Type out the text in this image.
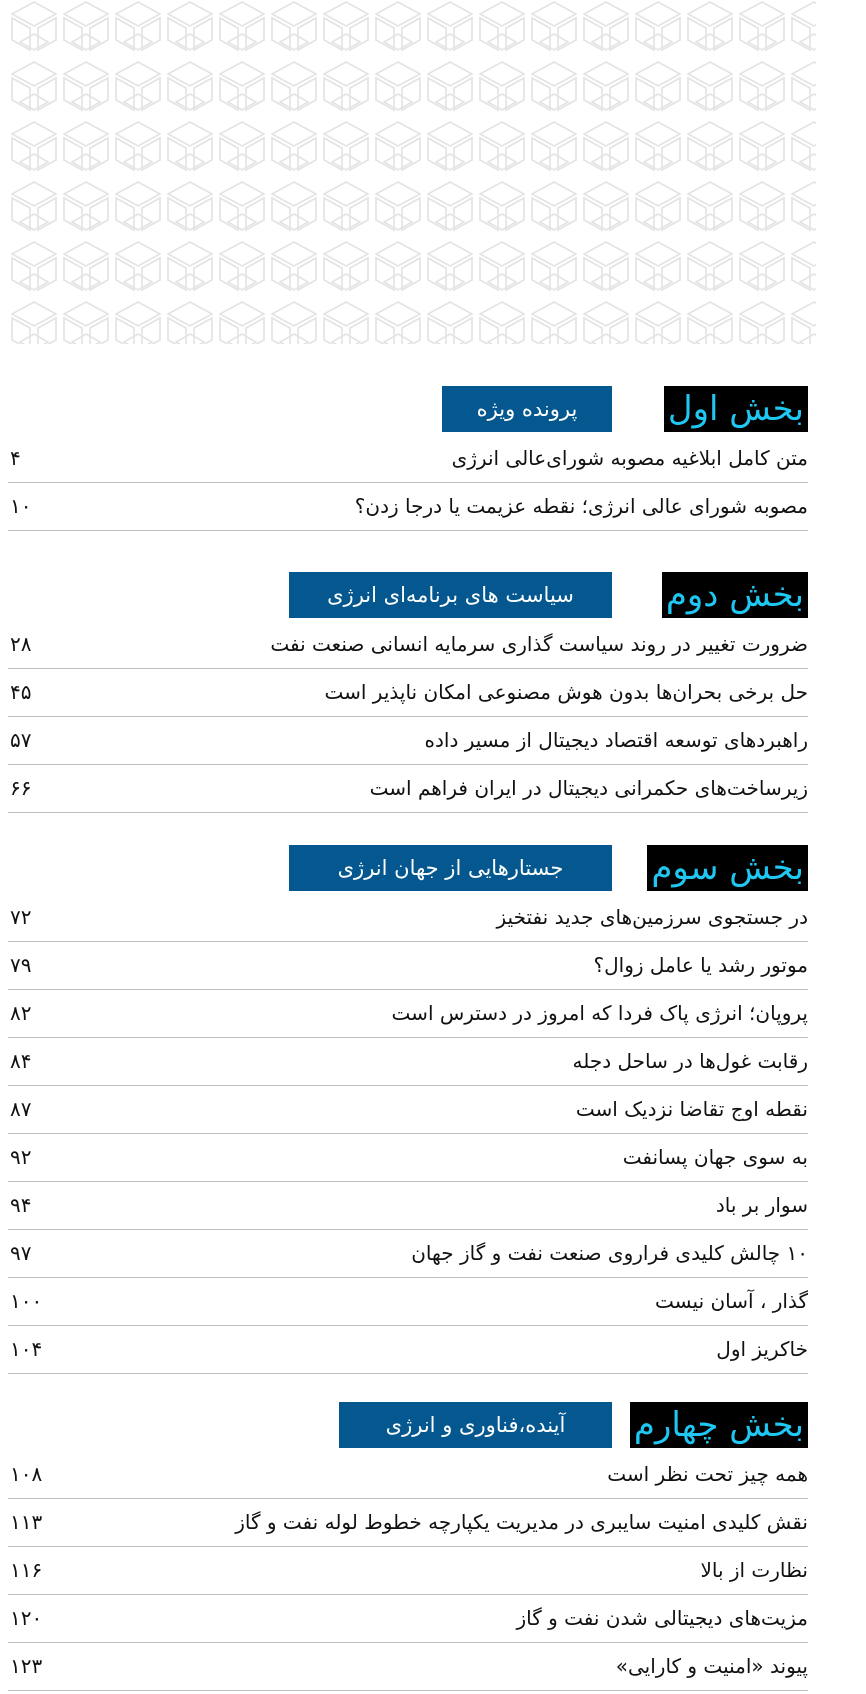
بخش اول
پرونده ویژه
متن کامل ابلاغیه مصوبه شورای‌عالی انرژی
۴
مصوبه شورای عالی انرژی؛ نقطه عزیمت یا درجا زدن؟
۱۰
بخش دوم
سیاست های برنامه‌ای انرژی
ضرورت تغییر در روند سیاست گذاری سرمایه انسانی صنعت نفت
۲۸
حل برخی بحران‌ها بدون هوش مصنوعی امکان ناپذیر است
۴۵
راهبردهای توسعه اقتصاد دیجیتال از مسیر داده
۵۷
زیرساخت‌های حکمرانی دیجیتال در ایران فراهم است
۶۶
بخش سوم
جستارهایی از جهان انرژی
در جستجوی سرزمین‌های جدید نفتخیز
۷۲
موتور رشد یا عامل زوال؟
۷۹
پروپان؛ انرژی پاک فردا که امروز در دسترس است
۸۲
رقابت غول‌ها در ساحل دجله
۸۴
نقطه اوج تقاضا نزدیک است
۸۷
به سوی جهان پسانفت
۹۲
سوار بر باد
۹۴
۱۰ چالش کلیدی فراروی صنعت نفت و گاز جهان
۹۷
گذار ، آسان نیست
۱۰۰
خاکریز اول
۱۰۴
بخش چهارم
آینده،فناوری و انرژی
همه چیز تحت نظر است
۱۰۸
نقش کلیدی امنیت سایبری در مدیریت یکپارچه خطوط لوله نفت و گاز
۱۱۳
نظارت از بالا
۱۱۶
مزیت‌های دیجیتالی شدن نفت و گاز
۱۲۰
پیوند «امنیت و کارایی»
۱۲۳
